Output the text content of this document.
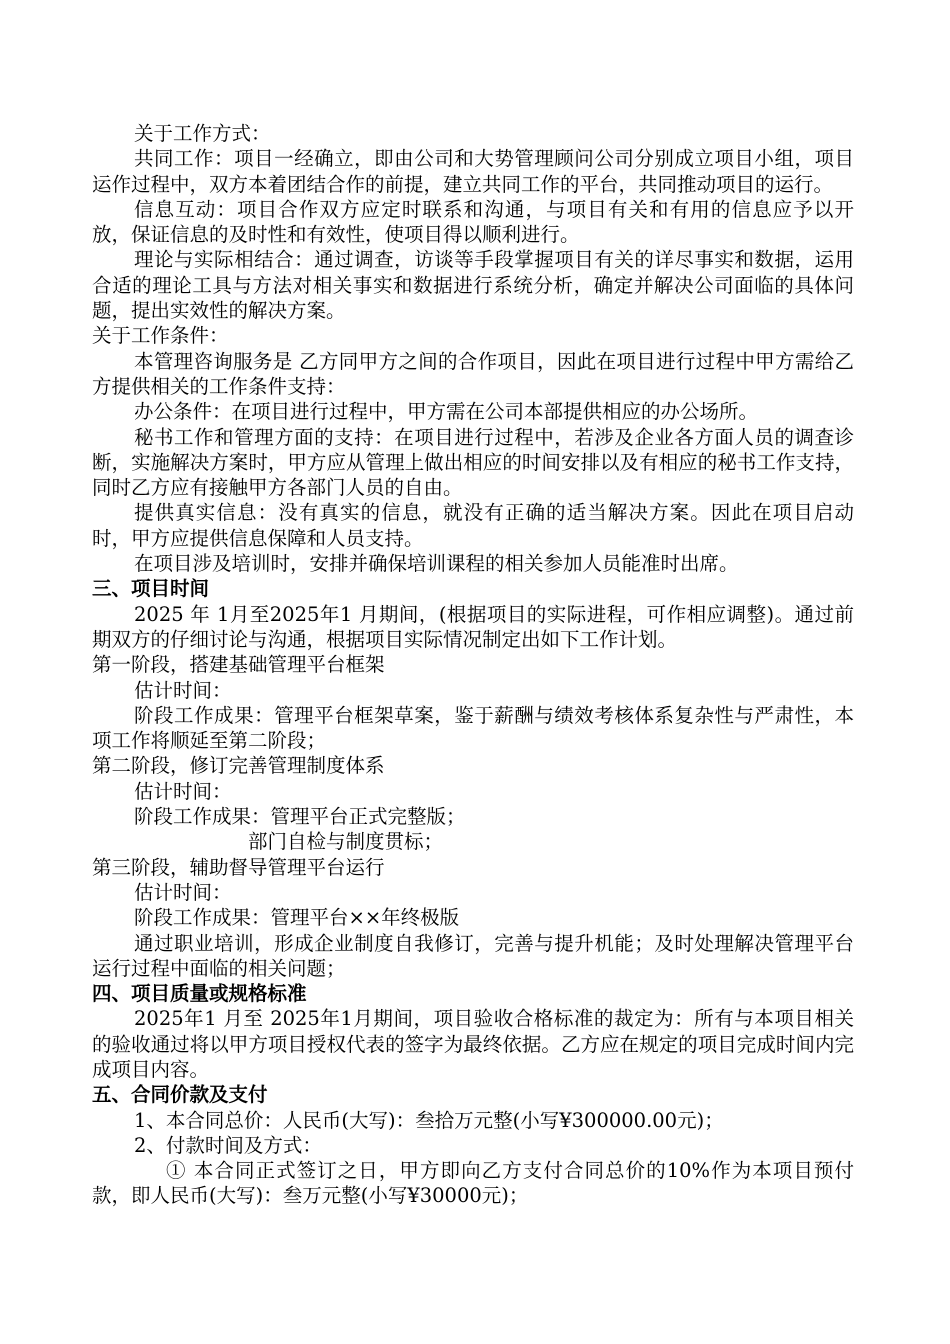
关于工作方式：

共同工作：项目一经确立，即由公司和大势管理顾问公司分别成立项目小组，项目运作过程中，双方本着团结合作的前提，建立共同工作的平台，共同推动项目的运行。

信息互动：项目合作双方应定时联系和沟通，与项目有关和有用的信息应予以开放，保证信息的及时性和有效性，使项目得以顺利进行。

理论与实际相结合：通过调查，访谈等手段掌握项目有关的详尽事实和数据，运用合适的理论工具与方法对相关事实和数据进行系统分析，确定并解决公司面临的具体问题，提出实效性的解决方案。

关于工作条件：

本管理咨询服务是 乙方同甲方之间的合作项目，因此在项目进行过程中甲方需给乙方提供相关的工作条件支持：

办公条件：在项目进行过程中，甲方需在公司本部提供相应的办公场所。

秘书工作和管理方面的支持：在项目进行过程中，若涉及企业各方面人员的调查诊断，实施解决方案时，甲方应从管理上做出相应的时间安排以及有相应的秘书工作支持，同时乙方应有接触甲方各部门人员的自由。

提供真实信息：没有真实的信息，就没有正确的适当解决方案。因此在项目启动时，甲方应提供信息保障和人员支持。

在项目涉及培训时，安排并确保培训课程的相关参加人员能准时出席。

三、项目时间

2025 年 1月至2025年1 月期间，(根据项目的实际进程，可作相应调整)。通过前期双方的仔细讨论与沟通，根据项目实际情况制定出如下工作计划。

第一阶段，搭建基础管理平台框架

估计时间：

阶段工作成果：管理平台框架草案，鉴于薪酬与绩效考核体系复杂性与严肃性，本项工作将顺延至第二阶段；

第二阶段，修订完善管理制度体系

估计时间：

阶段工作成果：管理平台正式完整版；

部门自检与制度贯标；

第三阶段，辅助督导管理平台运行

估计时间：

阶段工作成果：管理平台××年终极版

通过职业培训，形成企业制度自我修订，完善与提升机能；及时处理解决管理平台运行过程中面临的相关问题；

四、项目质量或规格标准

2025年1 月至 2025年1月期间，项目验收合格标准的裁定为：所有与本项目相关的验收通过将以甲方项目授权代表的签字为最终依据。乙方应在规定的项目完成时间内完成项目内容。

五、合同价款及支付

1、本合同总价：人民币(大写)：叁拾万元整(小写¥300000.00元)；

2、付款时间及方式：

① 本合同正式签订之日，甲方即向乙方支付合同总价的10%作为本项目预付款，即人民币(大写)：叁万元整(小写¥30000元)；
